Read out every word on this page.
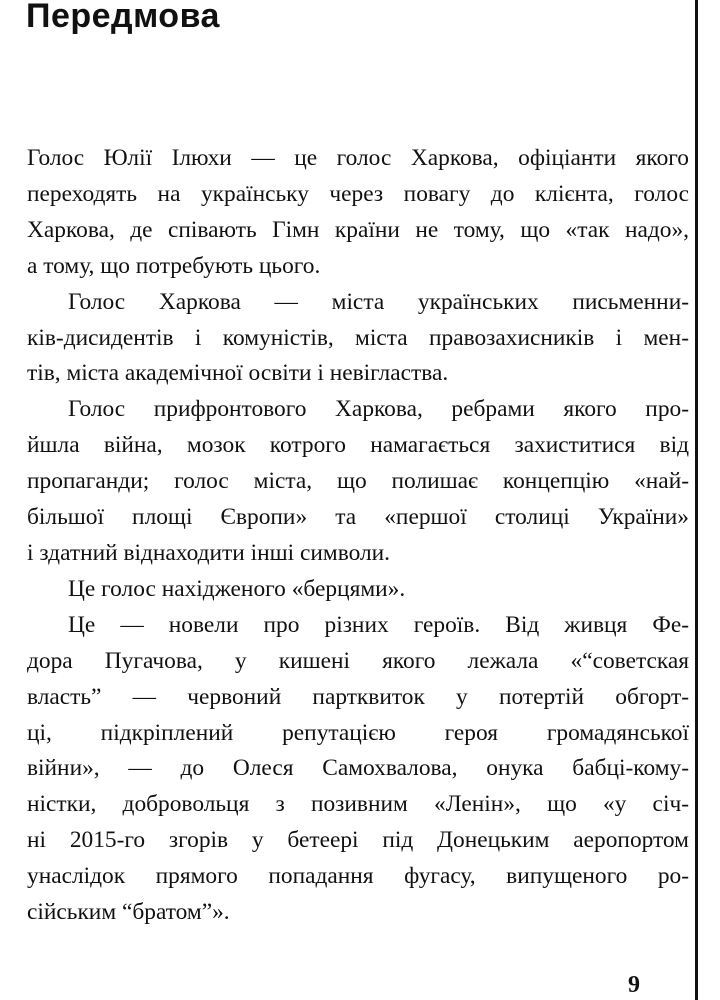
Передмова
Голос Юлії Ілюхи — це голос Харкова, офіціанти якого
переходять на українську через повагу до клієнта, голос
Харкова, де співають Гімн країни не тому, що «так надо»,
а тому, що потребують цього.
Голос Харкова — міста українських письменни-
ків-дисидентів і комуністів, міста правозахисників і мен-
тів, міста академічної освіти і невігластва.
Голос прифронтового Харкова, ребрами якого про-
йшла війна, мозок котрого намагається захиститися від
пропаганди; голос міста, що полишає концепцію «най-
більшої площі Європи» та «першої столиці України»
і здатний віднаходити інші символи.
Це голос нахідженого «берцями».
Це — новели про різних героїв. Від живця Фе-
дора Пугачова, у кишені якого лежала «“советская
власть” — червоний партквиток у потертій обгорт-
ці, підкріплений репутацією героя громадянської
війни», — до Олеся Самохвалова, онука бабці-кому-
ністки, добровольця з позивним «Ленін», що «у січ-
ні 2015-го згорів у бетеері під Донецьким аеропортом
унаслідок прямого попадання фугасу, випущеного ро-
сійським “братом”».
9
